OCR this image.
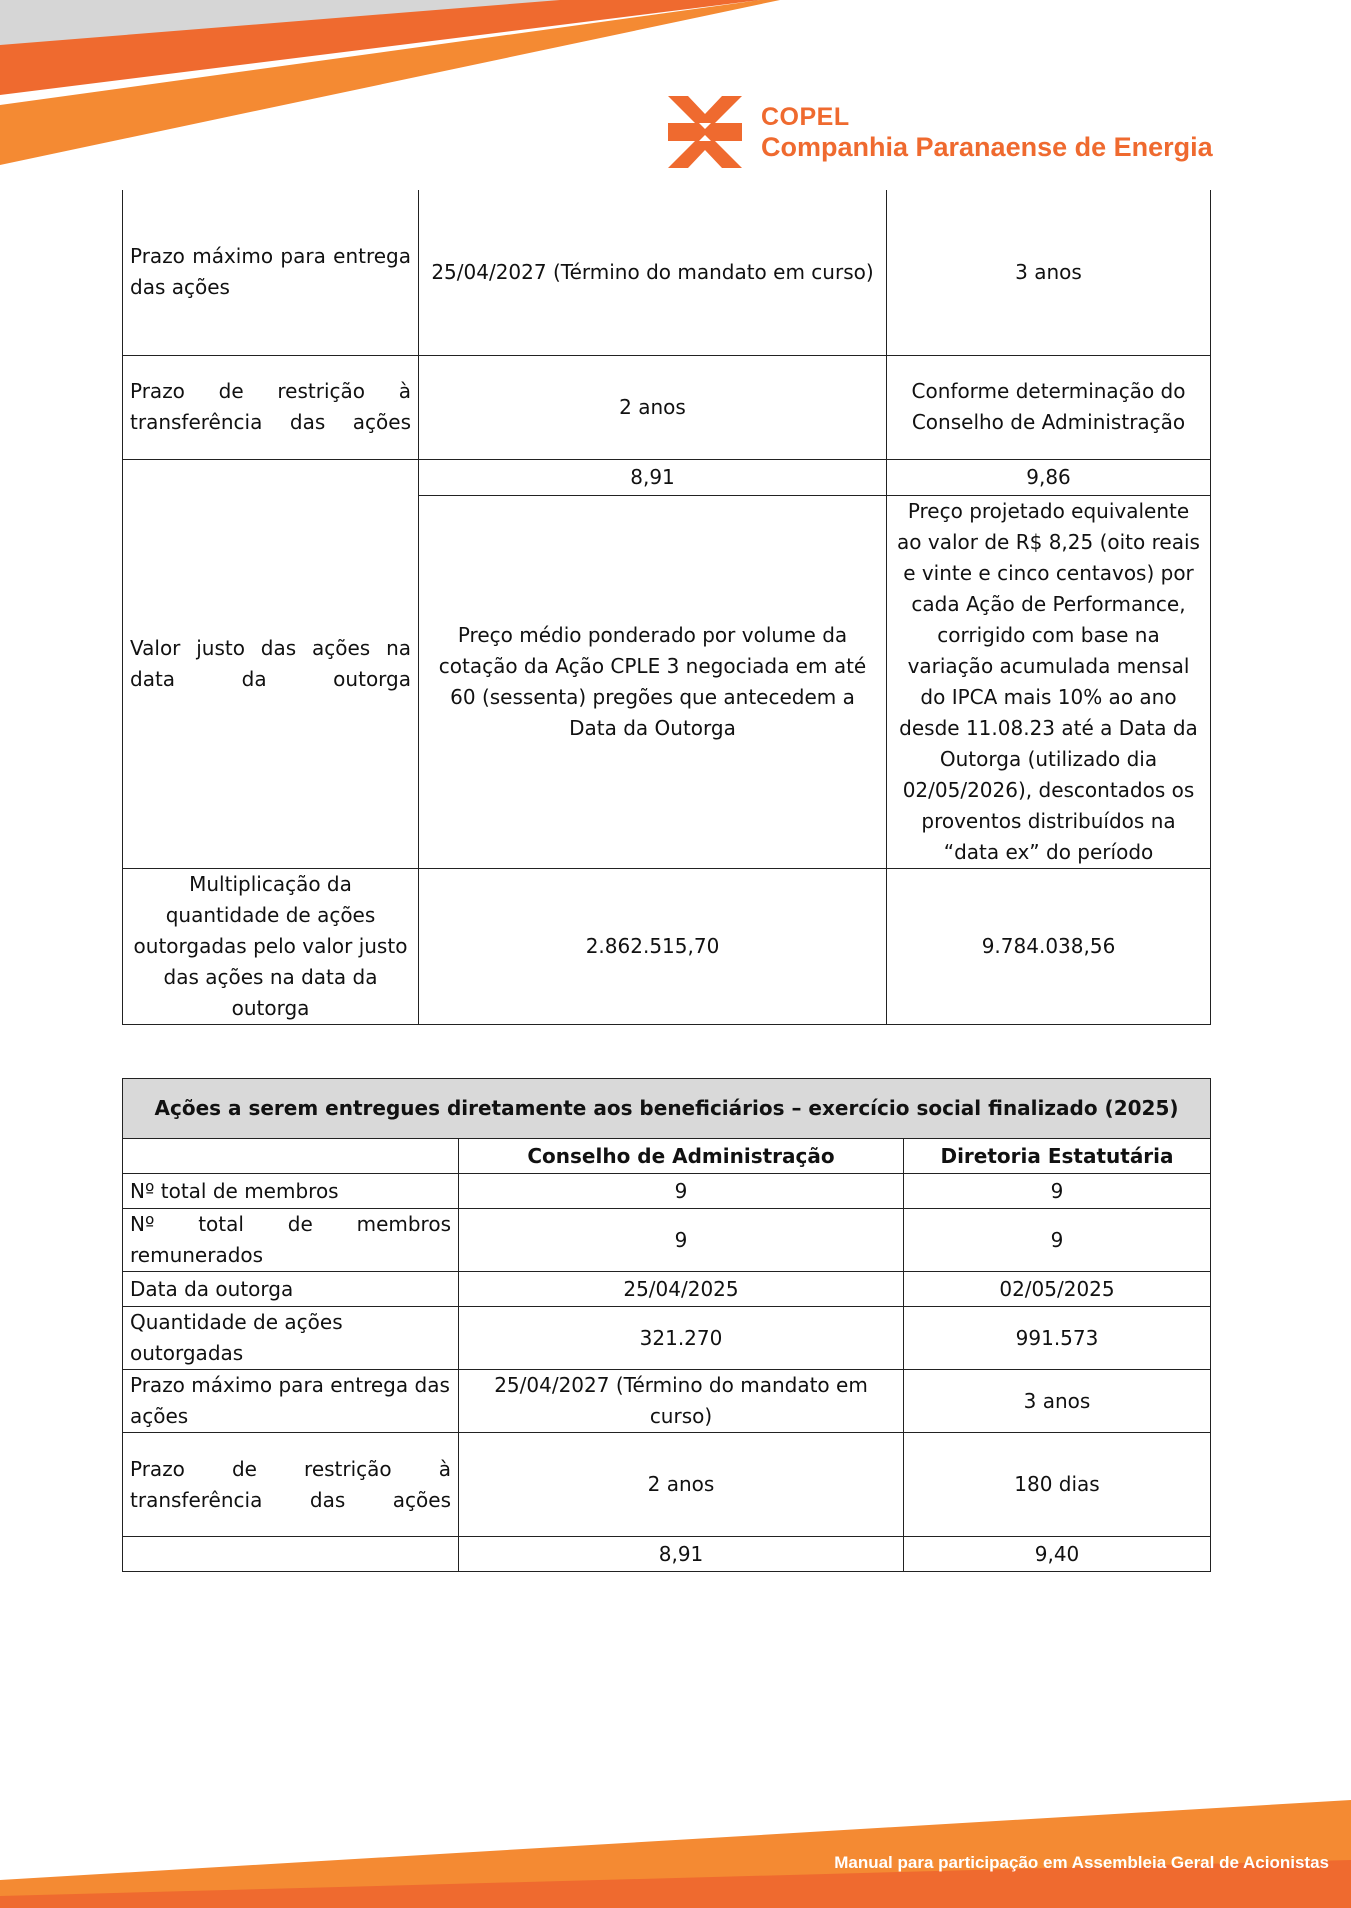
COPEL
Companhia Paranaense de Energia
Prazo máximo para entrega das ações	25/04/2027 (Término do mandato em curso)	3 anos
Prazo de restrição à transferência das ações	2 anos	Conforme determinação do Conselho de Administração
Valor justo das ações na data da outorga	8,91	9,86
	Preço médio ponderado por volume da cotação da Ação CPLE 3 negociada em até 60 (sessenta) pregões que antecedem a Data da Outorga	Preço projetado equivalente ao valor de R$ 8,25 (oito reais e vinte e cinco centavos) por cada Ação de Performance, corrigido com base na variação acumulada mensal do IPCA mais 10% ao ano desde 11.08.23 até a Data da Outorga (utilizado dia 02/05/2026), descontados os proventos distribuídos na “data ex” do período
Multiplicação da quantidade de ações outorgadas pelo valor justo das ações na data da outorga	2.862.515,70	9.784.038,56
Ações a serem entregues diretamente aos beneficiários – exercício social finalizado (2025)		
	Conselho de Administração	Diretoria Estatutária
Nº total de membros	9	9
Nº total de membros remunerados	9	9
Data da outorga	25/04/2025	02/05/2025
Quantidade de ações outorgadas	321.270	991.573
Prazo máximo para entrega das ações	25/04/2027 (Término do mandato em curso)	3 anos
Prazo de restrição à transferência das ações	2 anos	180 dias
	8,91	9,40
Manual para participação em Assembleia Geral de Acionistas
